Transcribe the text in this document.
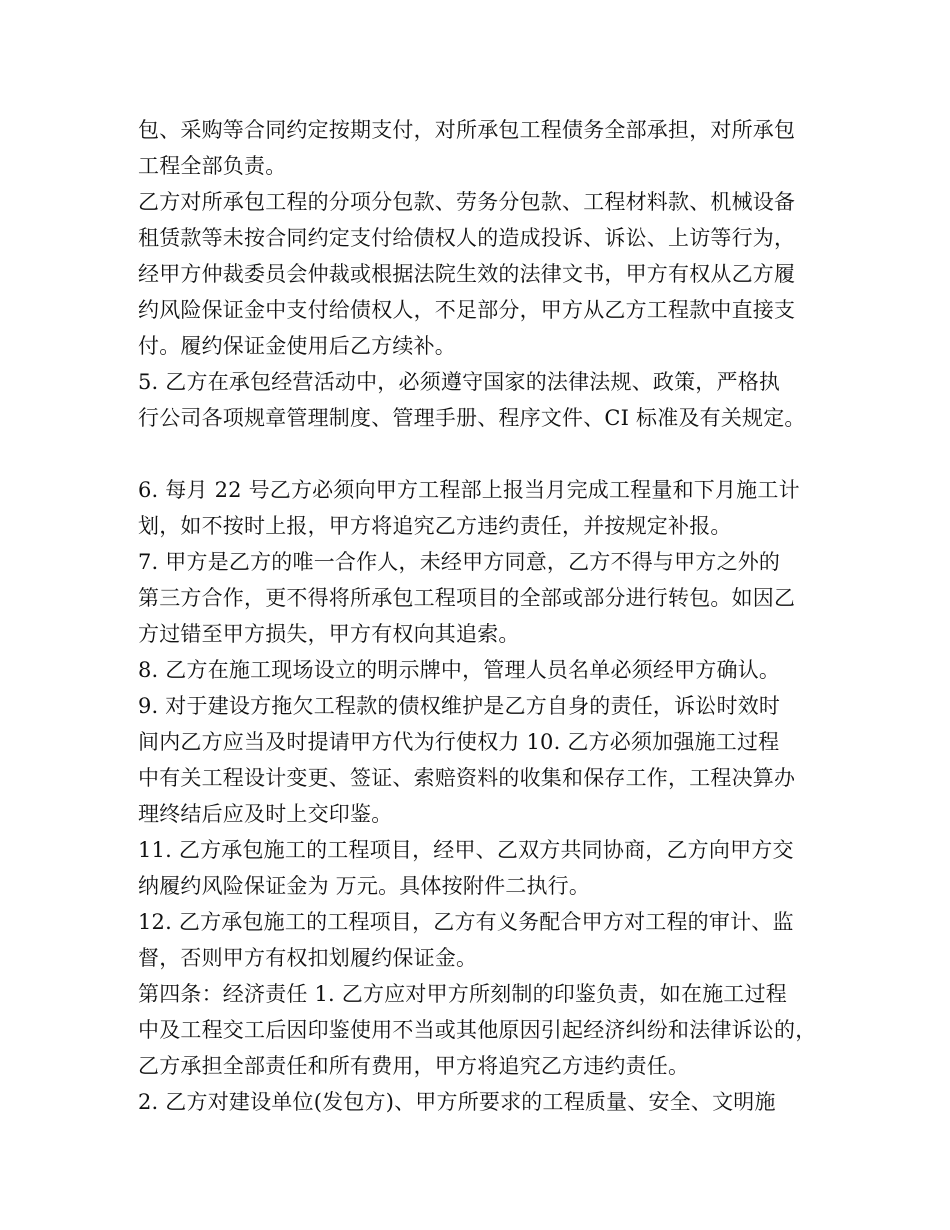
包、采购等合同约定按期支付，对所承包工程债务全部承担，对所承包
工程全部负责。
乙方对所承包工程的分项分包款、劳务分包款、工程材料款、机械设备
租赁款等未按合同约定支付给债权人的造成投诉、诉讼、上访等行为，
经甲方仲裁委员会仲裁或根据法院生效的法律文书，甲方有权从乙方履
约风险保证金中支付给债权人，不足部分，甲方从乙方工程款中直接支
付。履约保证金使用后乙方续补。
5. 乙方在承包经营活动中，必须遵守国家的法律法规、政策，严格执
行公司各项规章管理制度、管理手册、程序文件、CI 标准及有关规定。
6. 每月 22 号乙方必须向甲方工程部上报当月完成工程量和下月施工计
划，如不按时上报，甲方将追究乙方违约责任，并按规定补报。
7. 甲方是乙方的唯一合作人，未经甲方同意，乙方不得与甲方之外的
第三方合作，更不得将所承包工程项目的全部或部分进行转包。如因乙
方过错至甲方损失，甲方有权向其追索。
8. 乙方在施工现场设立的明示牌中，管理人员名单必须经甲方确认。
9. 对于建设方拖欠工程款的债权维护是乙方自身的责任，诉讼时效时
间内乙方应当及时提请甲方代为行使权力 10. 乙方必须加强施工过程
中有关工程设计变更、签证、索赔资料的收集和保存工作，工程决算办
理终结后应及时上交印鉴。
11. 乙方承包施工的工程项目，经甲、乙双方共同协商，乙方向甲方交
纳履约风险保证金为 万元。具体按附件二执行。
12. 乙方承包施工的工程项目，乙方有义务配合甲方对工程的审计、监
督，否则甲方有权扣划履约保证金。
第四条：经济责任 1. 乙方应对甲方所刻制的印鉴负责，如在施工过程
中及工程交工后因印鉴使用不当或其他原因引起经济纠纷和法律诉讼的，
乙方承担全部责任和所有费用，甲方将追究乙方违约责任。
2. 乙方对建设单位(发包方)、甲方所要求的工程质量、安全、文明施
